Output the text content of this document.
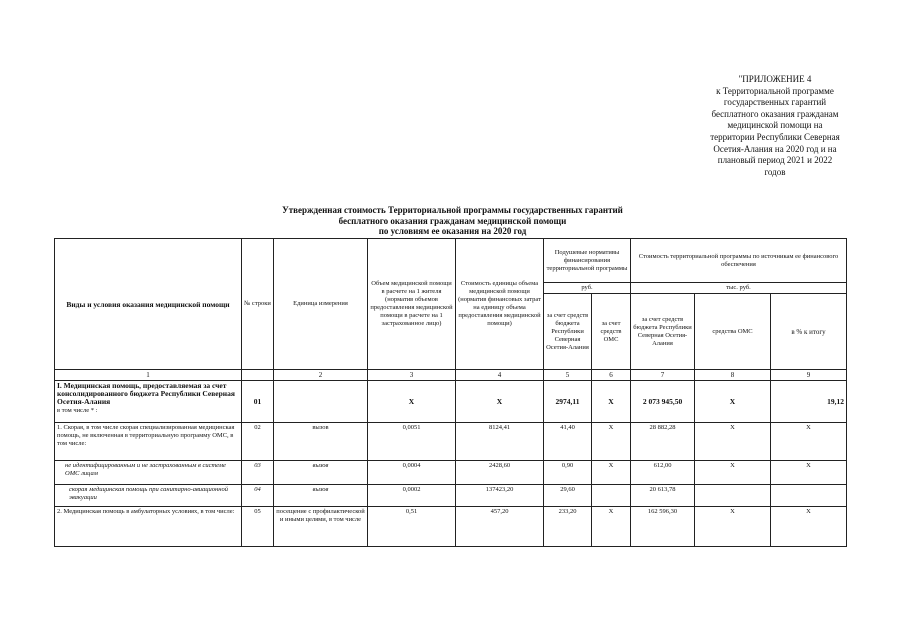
"ПРИЛОЖЕНИЕ 4
к Территориальной программе
государственных гарантий
бесплатного оказания гражданам
медицинской помощи на
территории Республики Северная
Осетия-Алания на 2020 год и на
плановый период 2021 и 2022
годов
Утвержденная стоимость Территориальной программы государственных гарантий
бесплатного оказания гражданам медицинской помощи
по условиям ее оказания на 2020 год
Виды и условия оказания медицинской помощи	№ строки	Единица измерения	Объем медицинской помощи в расчете на 1 жителя (норматив объемов предоставления медицинской помощи в расчете на 1 застрахованное лицо)	Стоимость единицы объема медицинской помощи (норматив финансовых затрат на единицу объема предоставления медицинской помощи)	Подушевые нормативы финансирования территориальной программы		Стоимость территориальной программы по источникам ее финансового обеспечения		
					руб.		тыс. руб.		
					за счет средств бюджета Республики Северная Осетия-Алания	за счет средств ОМС	за счет средств бюджета Республики Северная Осетия-Алания	средства ОМС	в % к итогу
1		2	3	4	5	6	7	8	9
I. Медицинская помощь, предоставляемая за счет консолидированного бюджета Республики Северная Осетия-Алания
в том числе * :	01		Х	Х	2974,11	Х	2 073 945,50	Х	19,12
1. Скорая, в том числе скорая специализированная медицинская помощь, не включенная в территориальную программу ОМС, в том числе:	02	вызов	0,0051	8124,41	41,40	Х	28 882,28	Х	Х
не идентифицированным и не застрахованным в системе ОМС лицам	03	вызов	0,0004	2428,60	0,90	Х	612,00	Х	Х
скорая медицинская помощь при санитарно-авиационной эвакуации	04	вызов	0,0002	137423,20	29,60		20 613,78		
2. Медицинская помощь в амбулаторных условиях, в том числе:	05	посещение с профилактической и иными целями, в том числе	0,51	457,20	233,20	Х	162 596,30	Х	Х
